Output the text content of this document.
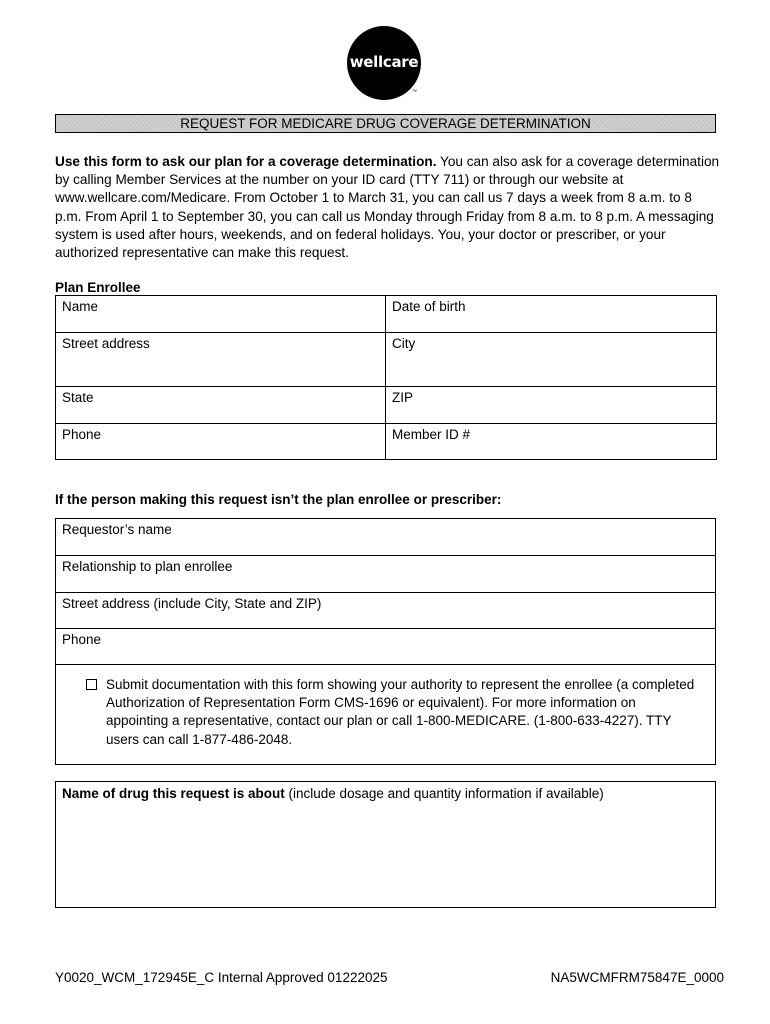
wellcare
™
REQUEST FOR MEDICARE DRUG COVERAGE DETERMINATION

Use this form to ask our plan for a coverage determination. You can also ask for a coverage determination by calling Member Services at the number on your ID card (TTY 711) or through our website at www.wellcare.com/Medicare. From October 1 to March 31, you can call us 7 days a week from 8 a.m. to 8 p.m. From April 1 to September 30, you can call us Monday through Friday from 8 a.m. to 8 p.m. A messaging system is used after hours, weekends, and on federal holidays. You, your doctor or prescriber, or your authorized representative can make this request.

Plan Enrollee

Name	Date of birth
Street address	City
State	ZIP
Phone	Member ID #

If the person making this request isn’t the plan enrollee or prescriber:

Requestor’s name
Relationship to plan enrollee
Street address (include City, State and ZIP)
Phone

Submit documentation with this form showing your authority to represent the enrollee (a completed Authorization of Representation Form CMS-1696 or equivalent). For more information on appointing a representative, contact our plan or call 1-800-MEDICARE. (1-800-633-4227). TTY users can call 1-877-486-2048.
Name of drug this request is about (include dosage and quantity information if available)
Y0020_WCM_172945E_C Internal Approved 01222025	NA5WCMFRM75847E_0000
